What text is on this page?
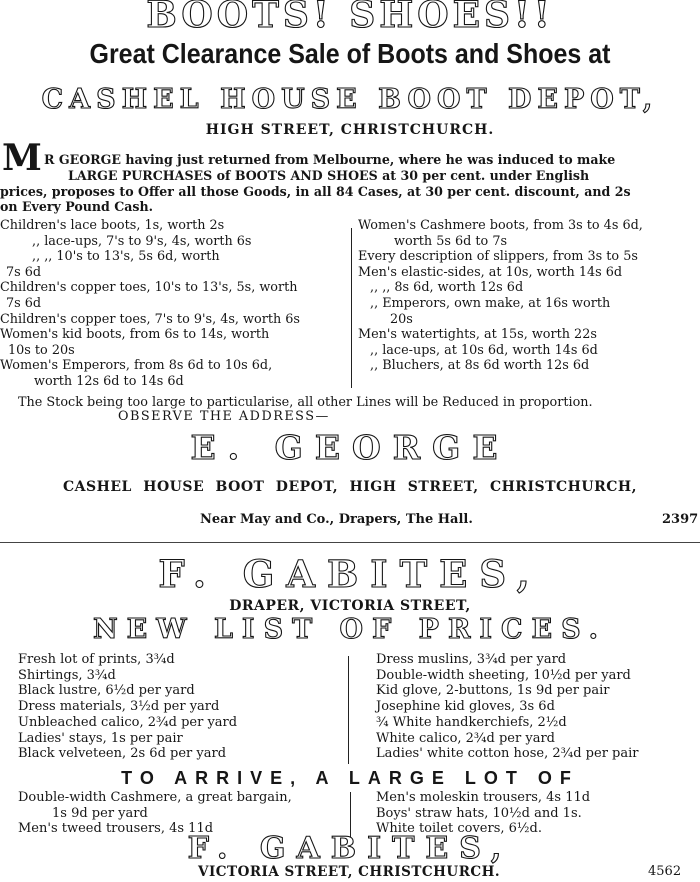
BOOTS! SHOES!!
Great Clearance Sale of Boots and Shoes at
CASHEL HOUSE BOOT DEPOT,
HIGH STREET, CHRISTCHURCH.
M R GEORGE having just returned from Melbourne, where he was induced to make
LARGE PURCHASES of BOOTS AND SHOES at 30 per cent. under English
prices, proposes to Offer all those Goods, in all 84 Cases, at 30 per cent. discount, and 2s
on Every Pound Cash.
Children's lace boots, 1s, worth 2s
,, lace-ups, 7's to 9's, 4s, worth 6s
,, ,, 10's to 13's, 5s 6d, worth
7s 6d
Children's copper toes, 10's to 13's, 5s, worth
7s 6d
Children's copper toes, 7's to 9's, 4s, worth 6s
Women's kid boots, from 6s to 14s, worth
10s to 20s
Women's Emperors, from 8s 6d to 10s 6d,
worth 12s 6d to 14s 6d
Women's Cashmere boots, from 3s to 4s 6d,
worth 5s 6d to 7s
Every description of slippers, from 3s to 5s
Men's elastic-sides, at 10s, worth 14s 6d
,, ,, 8s 6d, worth 12s 6d
,, Emperors, own make, at 16s worth
20s
Men's watertights, at 15s, worth 22s
,, lace-ups, at 10s 6d, worth 14s 6d
,, Bluchers, at 8s 6d worth 12s 6d
The Stock being too large to particularise, all other Lines will be Reduced in proportion.
OBSERVE THE ADDRESS—
E. GEORGE
CASHEL HOUSE BOOT DEPOT, HIGH STREET, CHRISTCHURCH,
Near May and Co., Drapers, The Hall.	2397
F. GABITES,
DRAPER, VICTORIA STREET,
NEW LIST OF PRICES.
Fresh lot of prints, 3¾d
Shirtings, 3¾d
Black lustre, 6½d per yard
Dress materials, 3½d per yard
Unbleached calico, 2¾d per yard
Ladies' stays, 1s per pair
Black velveteen, 2s 6d per yard
Dress muslins, 3¾d per yard
Double-width sheeting, 10½d per yard
Kid glove, 2-buttons, 1s 9d per pair
Josephine kid gloves, 3s 6d
¾ White handkerchiefs, 2½d
White calico, 2¾d per yard
Ladies' white cotton hose, 2¾d per pair
TO ARRIVE, A LARGE LOT OF
Double-width Cashmere, a great bargain,
1s 9d per yard
Men's tweed trousers, 4s 11d
Men's moleskin trousers, 4s 11d
Boys' straw hats, 10½d and 1s.
White toilet covers, 6½d.
F. GABITES,
VICTORIA STREET, CHRISTCHURCH.	4562
